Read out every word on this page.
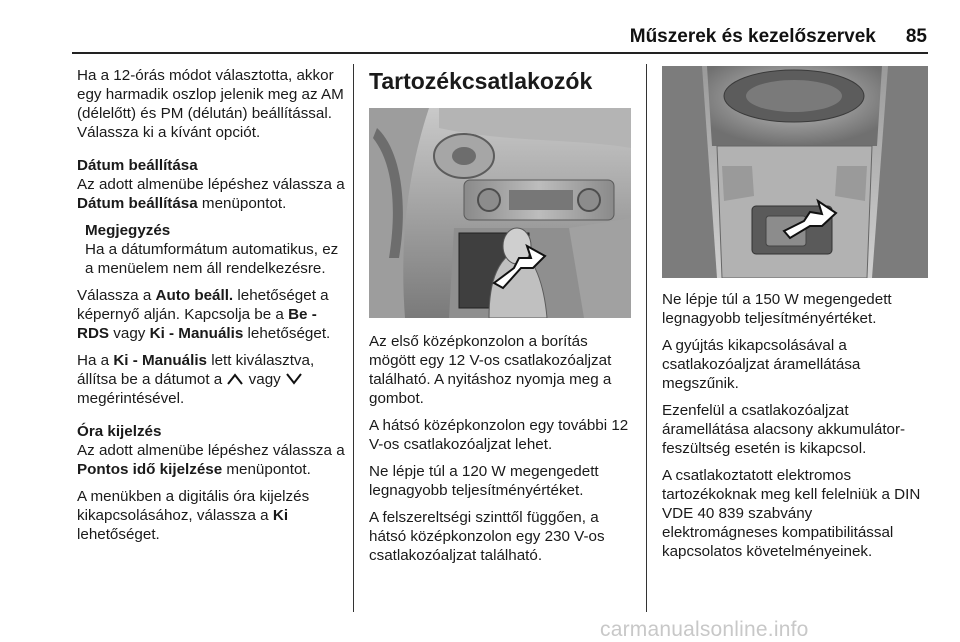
Műszerek és kezelőszervek 85

Ha a 12-órás módot választotta, akkor egy harmadik oszlop jelenik meg az AM (délelőtt) és PM (délután) beállítással. Válassza ki a kívánt opciót.

Dátum beállítása
Az adott almenübe lépéshez válassza a Dátum beállítása menüpontot.

Megjegyzés

Ha a dátumformátum automatikus, ez a menüelem nem áll rendelkezésre.

Válassza a Auto beáll. lehetőséget a képernyő alján. Kapcsolja be a Be - RDS vagy Ki - Manuális lehetőséget.

Ha a Ki - Manuális lett kiválasztva, állítsa be a dátumot a  vagy
megérintésével.

Óra kijelzés
Az adott almenübe lépéshez válassza a Pontos idő kijelzése menüpontot.

A menükben a digitális óra kijelzés kikapcsolásához, válassza a Ki lehetőséget.

Tartozékcsatlakozók

Az első középkonzolon a borítás mögött egy 12 V-os csatlakozóaljzat található. A nyitáshoz nyomja meg a gombot.

A hátsó középkonzolon egy további 12 V-os csatlakozóaljzat lehet.

Ne lépje túl a 120 W megengedett legnagyobb teljesítményértéket.

A felszereltségi szinttől függően, a hátsó középkonzolon egy 230 V-os csatlakozóaljzat található.

Ne lépje túl a 150 W megengedett legnagyobb teljesítményértéket.

A gyújtás kikapcsolásával a csatlakozóaljzat áramellátása megszűnik.

Ezenfelül a csatlakozóaljzat áramellátása alacsony akkumulátor-feszültség esetén is kikapcsol.

A csatlakoztatott elektromos tartozékoknak meg kell felelniük a DIN VDE 40 839 szabvány elektromágneses kompatibilitással kapcsolatos követelményeinek.

carmanualsonline.info
